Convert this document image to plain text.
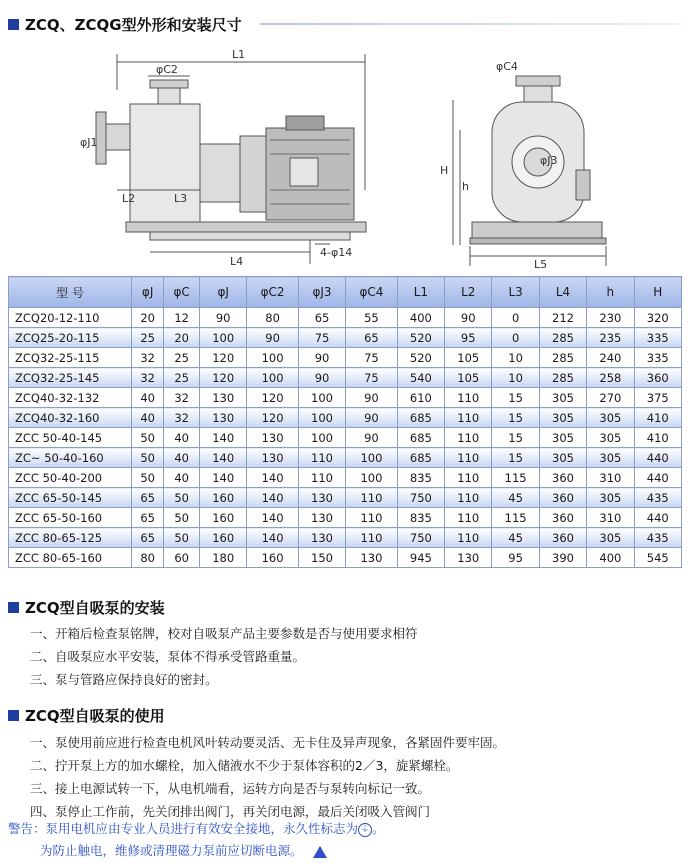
ZCQ、ZCQG型外形和安装尺寸
L1
φC2
φJ1
L2	L3
L4
4-φ14
φC4
φJ3
H
h
L5
型 号	φJ	φC	φJ	φC2	φJ3	φC4	L1	L2	L3	L4	h	H
ZCQ20-12-110	20	12	90	80	65	55	400	90	0	212	230	320
ZCQ25-20-115	25	20	100	90	75	65	520	95	0	285	235	335
ZCQ32-25-115	32	25	120	100	90	75	520	105	10	285	240	335
ZCQ32-25-145	32	25	120	100	90	75	540	105	10	285	258	360
ZCQ40-32-132	40	32	130	120	100	90	610	110	15	305	270	375
ZCQ40-32-160	40	32	130	120	100	90	685	110	15	305	305	410
ZCC 50-40-145	50	40	140	130	100	90	685	110	15	305	305	410
ZC~ 50-40-160	50	40	140	130	110	100	685	110	15	305	305	440
ZCC 50-40-200	50	40	140	140	110	100	835	110	115	360	310	440
ZCC 65-50-145	65	50	160	140	130	110	750	110	45	360	305	435
ZCC 65-50-160	65	50	160	140	130	110	835	110	115	360	310	440
ZCC 80-65-125	65	50	160	140	130	110	750	110	45	360	305	435
ZCC 80-65-160	80	60	180	160	150	130	945	130	95	390	400	545
ZCQ型自吸泵的安装

一、开箱后检查泵铭牌，校对自吸泵产品主要参数是否与使用要求相符

二、自吸泵应水平安装，泵体不得承受管路重量。

三、泵与管路应保持良好的密封。

ZCQ型自吸泵的使用

一、泵使用前应进行检查电机风叶转动要灵活、无卡住及异声现象，各紧固件要牢固。

二、拧开泵上方的加水螺栓，加入储液水不少于泵体容积的2／3，旋紧螺栓。

三、接上电源试转一下，从电机端看，运转方向是否与泵转向标记一致。

四、泵停止工作前，先关闭排出阀门，再关闭电源，最后关闭吸入管阀门

警告：泵用电机应由专业人员进行有效安全接地，永久性标志为 ⏚ 。

为防止触电，维修或清理磁力泵前应切断电源。
